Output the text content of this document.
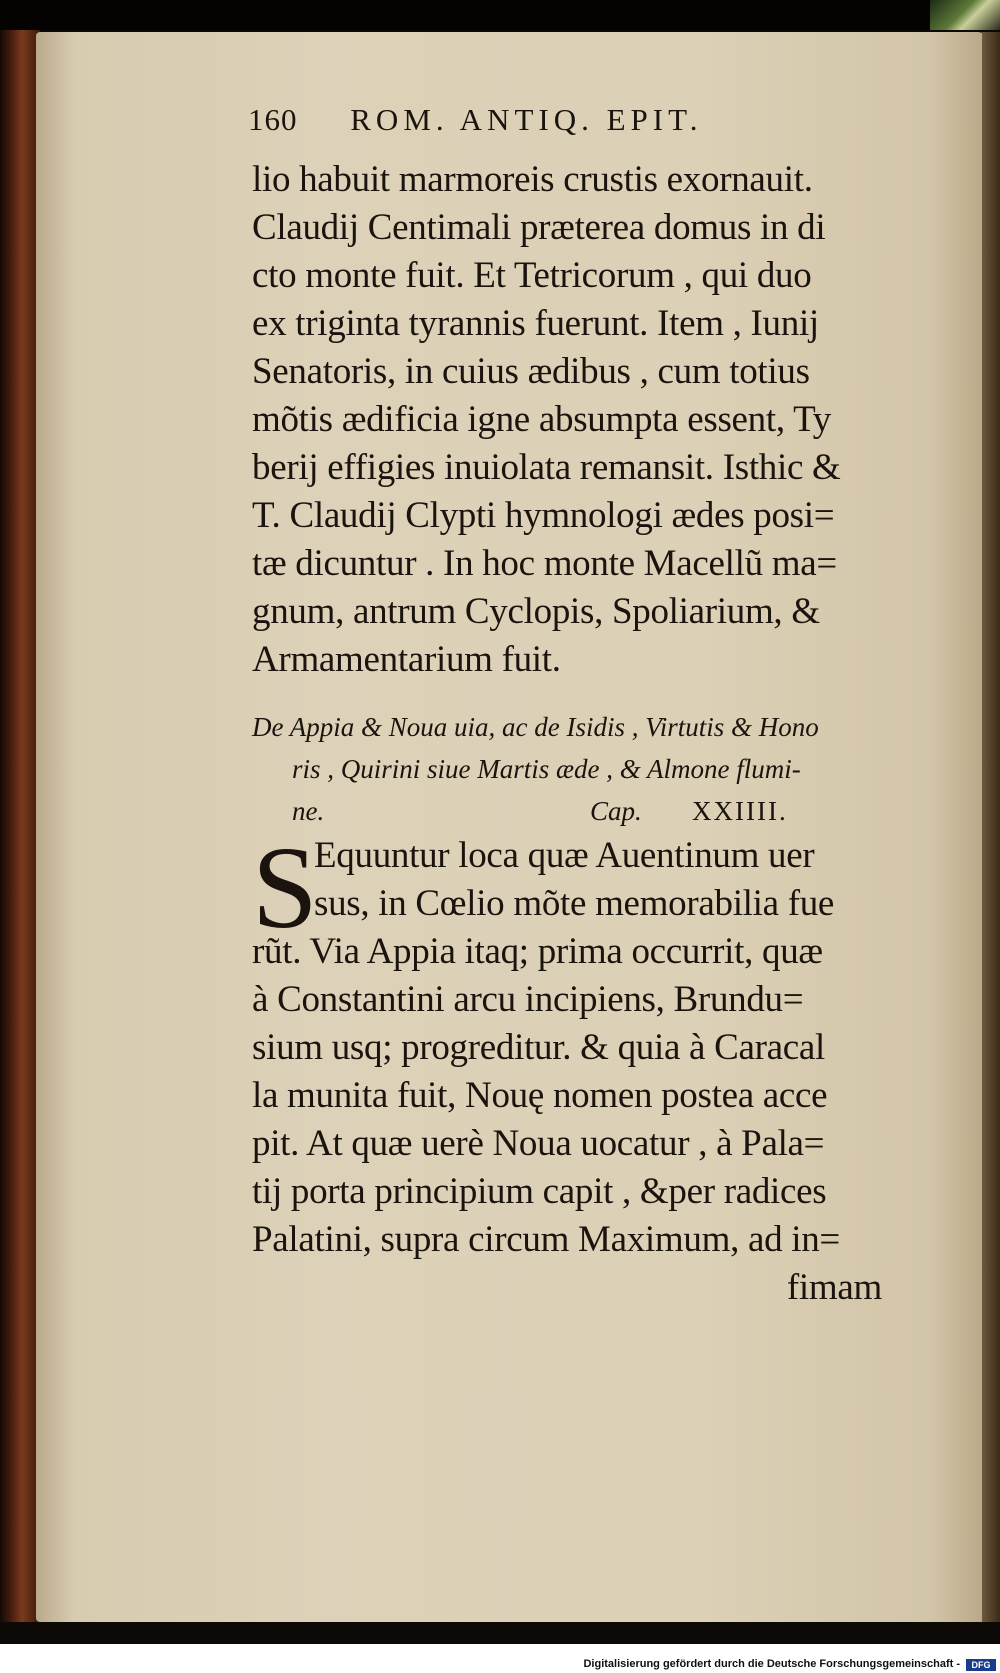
160 ROM. ANTIQ. EPIT.
lio habuit marmoreis crustis exornauit.
Claudij Centimali præterea domus in di
cto monte fuit. Et Tetricorum , qui duo
ex triginta tyrannis fuerunt. Item , Iunij
Senatoris, in cuius ædibus , cum totius
mõtis ædificia igne absumpta essent, Ty
berij effigies inuiolata remansit. Isthic &
T. Claudij Clypti hymnologi ædes posi=
tæ dicuntur . In hoc monte Macellũ ma=
gnum, antrum Cyclopis, Spoliarium, &
Armamentarium fuit.
De Appia & Noua uia, ac de Isidis , Virtutis & Hono
ris , Quirini siue Martis æde , & Almone flumi-
ne.	Cap. XXIIII.
S
Equuntur loca quæ Auentinum uer
sus, in Cœlio mõte memorabilia fue
rũt. Via Appia itaq; prima occurrit, quæ
à Constantini arcu incipiens, Brundu=
sium usq; progreditur. & quia à Caracal
la munita fuit, Nouę nomen postea acce
pit. At quæ uerè Noua uocatur , à Pala=
tij porta principium capit , &per radices
Palatini, supra circum Maximum, ad in=
fimam
Digitalisierung gefördert durch die Deutsche Forschungsgemeinschaft -	DFG
